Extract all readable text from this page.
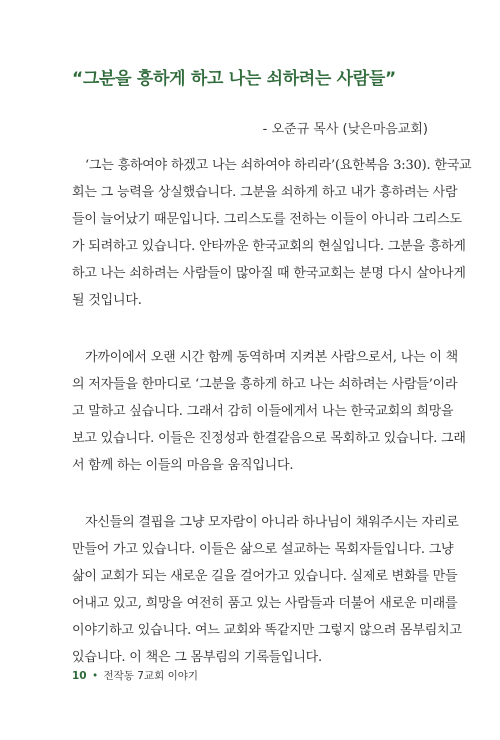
“그분을 흥하게 하고 나는 쇠하려는 사람들”
- 오준규 목사 (낮은마음교회)

‘그는 흥하여야 하겠고 나는 쇠하여야 하리라’(요한복음 3:30). 한국교
회는 그 능력을 상실했습니다. 그분을 쇠하게 하고 내가 흥하려는 사람
들이 늘어났기 때문입니다. 그리스도를 전하는 이들이 아니라 그리스도
가 되려하고 있습니다. 안타까운 한국교회의 현실입니다. 그분을 흥하게
하고 나는 쇠하려는 사람들이 많아질 때 한국교회는 분명 다시 살아나게
될 것입니다.

가까이에서 오랜 시간 함께 동역하며 지켜본 사람으로서, 나는 이 책
의 저자들을 한마디로 ‘그분을 흥하게 하고 나는 쇠하려는 사람들’이라
고 말하고 싶습니다. 그래서 감히 이들에게서 나는 한국교회의 희망을
보고 있습니다. 이들은 진정성과 한결같음으로 목회하고 있습니다. 그래
서 함께 하는 이들의 마음을 움직입니다.

자신들의 결핍을 그냥 모자람이 아니라 하나님이 채워주시는 자리로
만들어 가고 있습니다. 이들은 삶으로 설교하는 목회자들입니다. 그냥
삶이 교회가 되는 새로운 길을 걸어가고 있습니다. 실제로 변화를 만들
어내고 있고, 희망을 여전히 품고 있는 사람들과 더불어 새로운 미래를
이야기하고 있습니다. 여느 교회와 똑같지만 그렇지 않으려 몸부림치고
있습니다. 이 책은 그 몸부림의 기록들입니다.

10 • 전작동 7교회 이야기
